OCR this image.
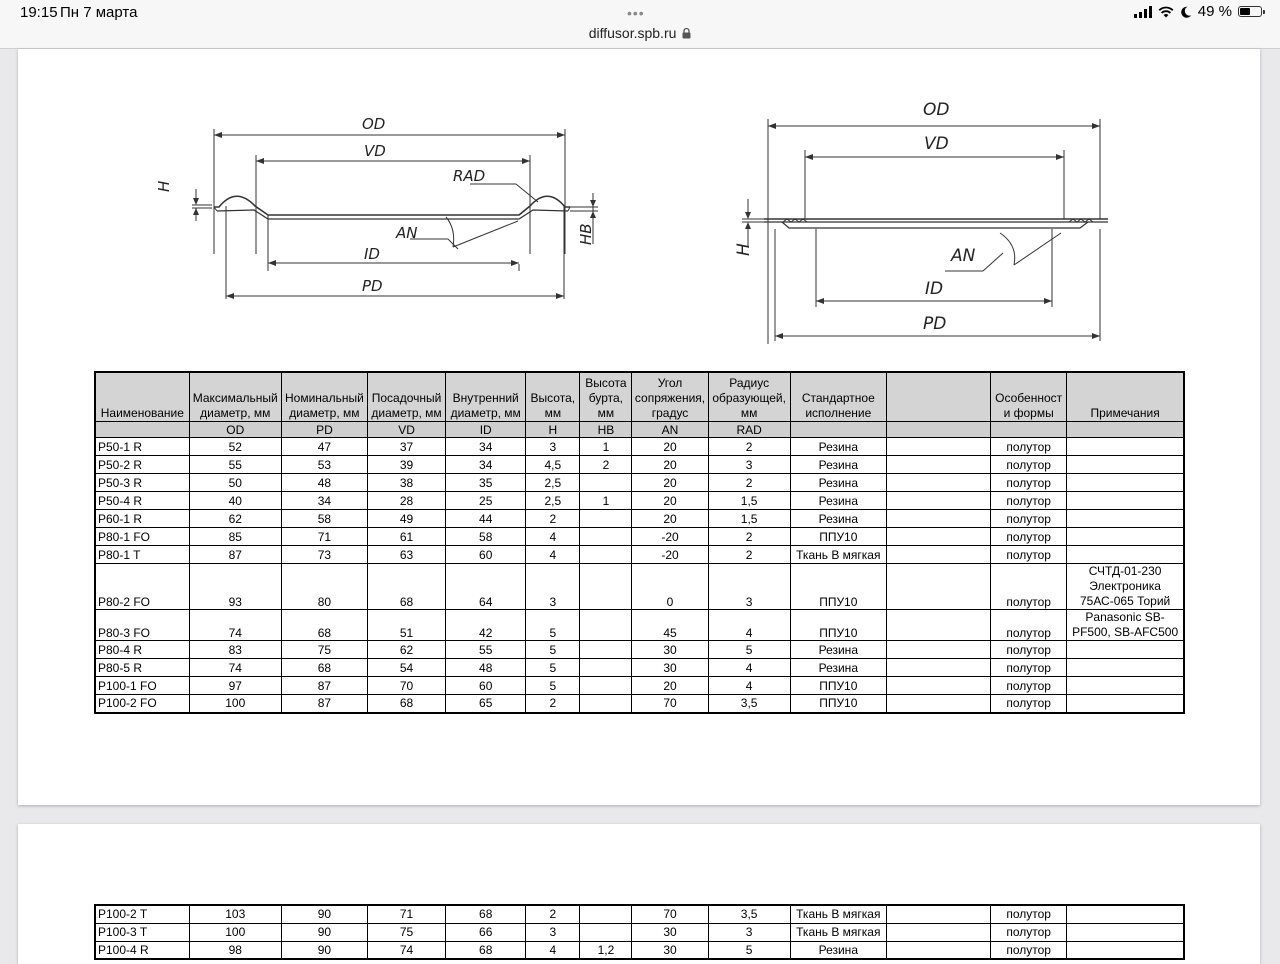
19:15 Пн 7 марта	•••
diffusor.spb.ru
49 %
OD
VD
RAD
AN
ID
PD
H
HB
OD
VD
AN
ID
PD
H
Наименование	Максимальный диаметр, мм	Номинальный диаметр, мм	Посадочный диаметр, мм	Внутренний диаметр, мм	Высота, мм	Высота бурта, мм	Угол сопряжения, градус	Радиус образующей, мм	Стандартное исполнение		Особенност и формы	Примечания
	OD	PD	VD	ID	H	HB	AN	RAD				
P50-1 R	52	47	37	34	3	1	20	2	Резина		полутор	
P50-2 R	55	53	39	34	4,5	2	20	3	Резина		полутор	
P50-3 R	50	48	38	35	2,5		20	2	Резина		полутор	
P50-4 R	40	34	28	25	2,5	1	20	1,5	Резина		полутор	
P60-1 R	62	58	49	44	2		20	1,5	Резина		полутор	
P80-1 FO	85	71	61	58	4		-20	2	ППУ10		полутор	
P80-1 T	87	73	63	60	4		-20	2	Ткань В мягкая		полутор	
P80-2 FO	93	80	68	64	3		0	3	ППУ10		полутор	СЧТД-01-230 Электроника 75АС-065 Торий
P80-3 FO	74	68	51	42	5		45	4	ППУ10		полутор	Panasonic SB-PF500, SB-AFC500
P80-4 R	83	75	62	55	5		30	5	Резина		полутор	
P80-5 R	74	68	54	48	5		30	4	Резина		полутор	
P100-1 FO	97	87	70	60	5		20	4	ППУ10		полутор	
P100-2 FO	100	87	68	65	2		70	3,5	ППУ10		полутор	
P100-2 T	103	90	71	68	2		70	3,5	Ткань В мягкая		полутор	
P100-3 T	100	90	75	66	3		30	3	Ткань В мягкая		полутор	
P100-4 R	98	90	74	68	4	1,2	30	5	Резина		полутор	
